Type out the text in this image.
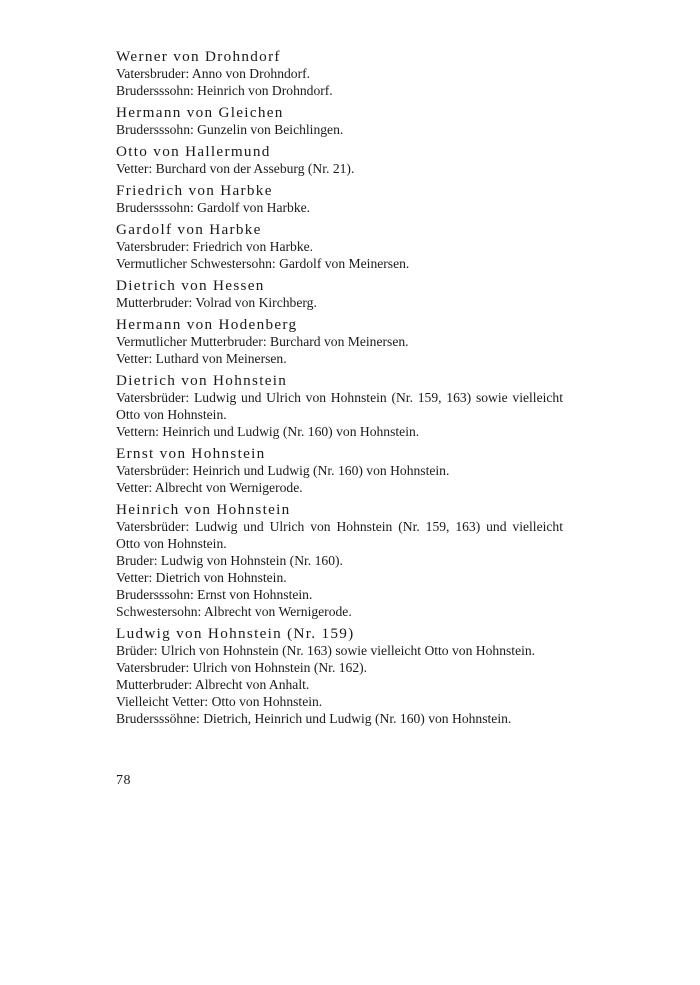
Werner von Drohndorf

Vatersbruder: Anno von Drohndorf.

Brudersssohn: Heinrich von Drohndorf.

Hermann von Gleichen

Brudersssohn: Gunzelin von Beichlingen.

Otto von Hallermund

Vetter: Burchard von der Asseburg (Nr. 21).

Friedrich von Harbke

Brudersssohn: Gardolf von Harbke.

Gardolf von Harbke

Vatersbruder: Friedrich von Harbke.

Vermutlicher Schwestersohn: Gardolf von Meinersen.

Dietrich von Hessen

Mutterbruder: Volrad von Kirchberg.

Hermann von Hodenberg

Vermutlicher Mutterbruder: Burchard von Meinersen.

Vetter: Luthard von Meinersen.

Dietrich von Hohnstein

Vatersbrüder: Ludwig und Ulrich von Hohnstein (Nr. 159, 163) sowie vielleicht Otto von Hohnstein.

Vettern: Heinrich und Ludwig (Nr. 160) von Hohnstein.

Ernst von Hohnstein

Vatersbrüder: Heinrich und Ludwig (Nr. 160) von Hohnstein.

Vetter: Albrecht von Wernigerode.

Heinrich von Hohnstein

Vatersbrüder: Ludwig und Ulrich von Hohnstein (Nr. 159, 163) und vielleicht Otto von Hohnstein.

Bruder: Ludwig von Hohnstein (Nr. 160).

Vetter: Dietrich von Hohnstein.

Brudersssohn: Ernst von Hohnstein.

Schwestersohn: Albrecht von Wernigerode.

Ludwig von Hohnstein (Nr. 159)

Brüder: Ulrich von Hohnstein (Nr. 163) sowie vielleicht Otto von Hohnstein.

Vatersbruder: Ulrich von Hohnstein (Nr. 162).

Mutterbruder: Albrecht von Anhalt.

Vielleicht Vetter: Otto von Hohnstein.

Brudersssöhne: Dietrich, Heinrich und Ludwig (Nr. 160) von Hohnstein.

78
